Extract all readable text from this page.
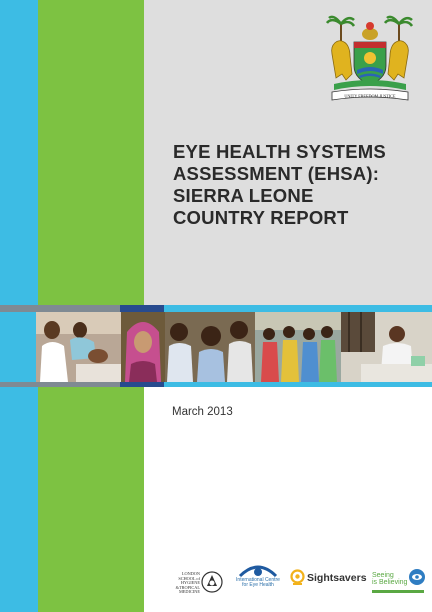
UNITY FREEDOM JUSTICE
EYE HEALTH SYSTEMS
ASSESSMENT (EHSA):
SIERRA LEONE
COUNTRY REPORT
March 2013
LONDON
SCHOOL of
HYGIENE
&TROPICAL
MEDICINE
International Centre
for Eye Health
Sightsavers Seeing
is Believing
